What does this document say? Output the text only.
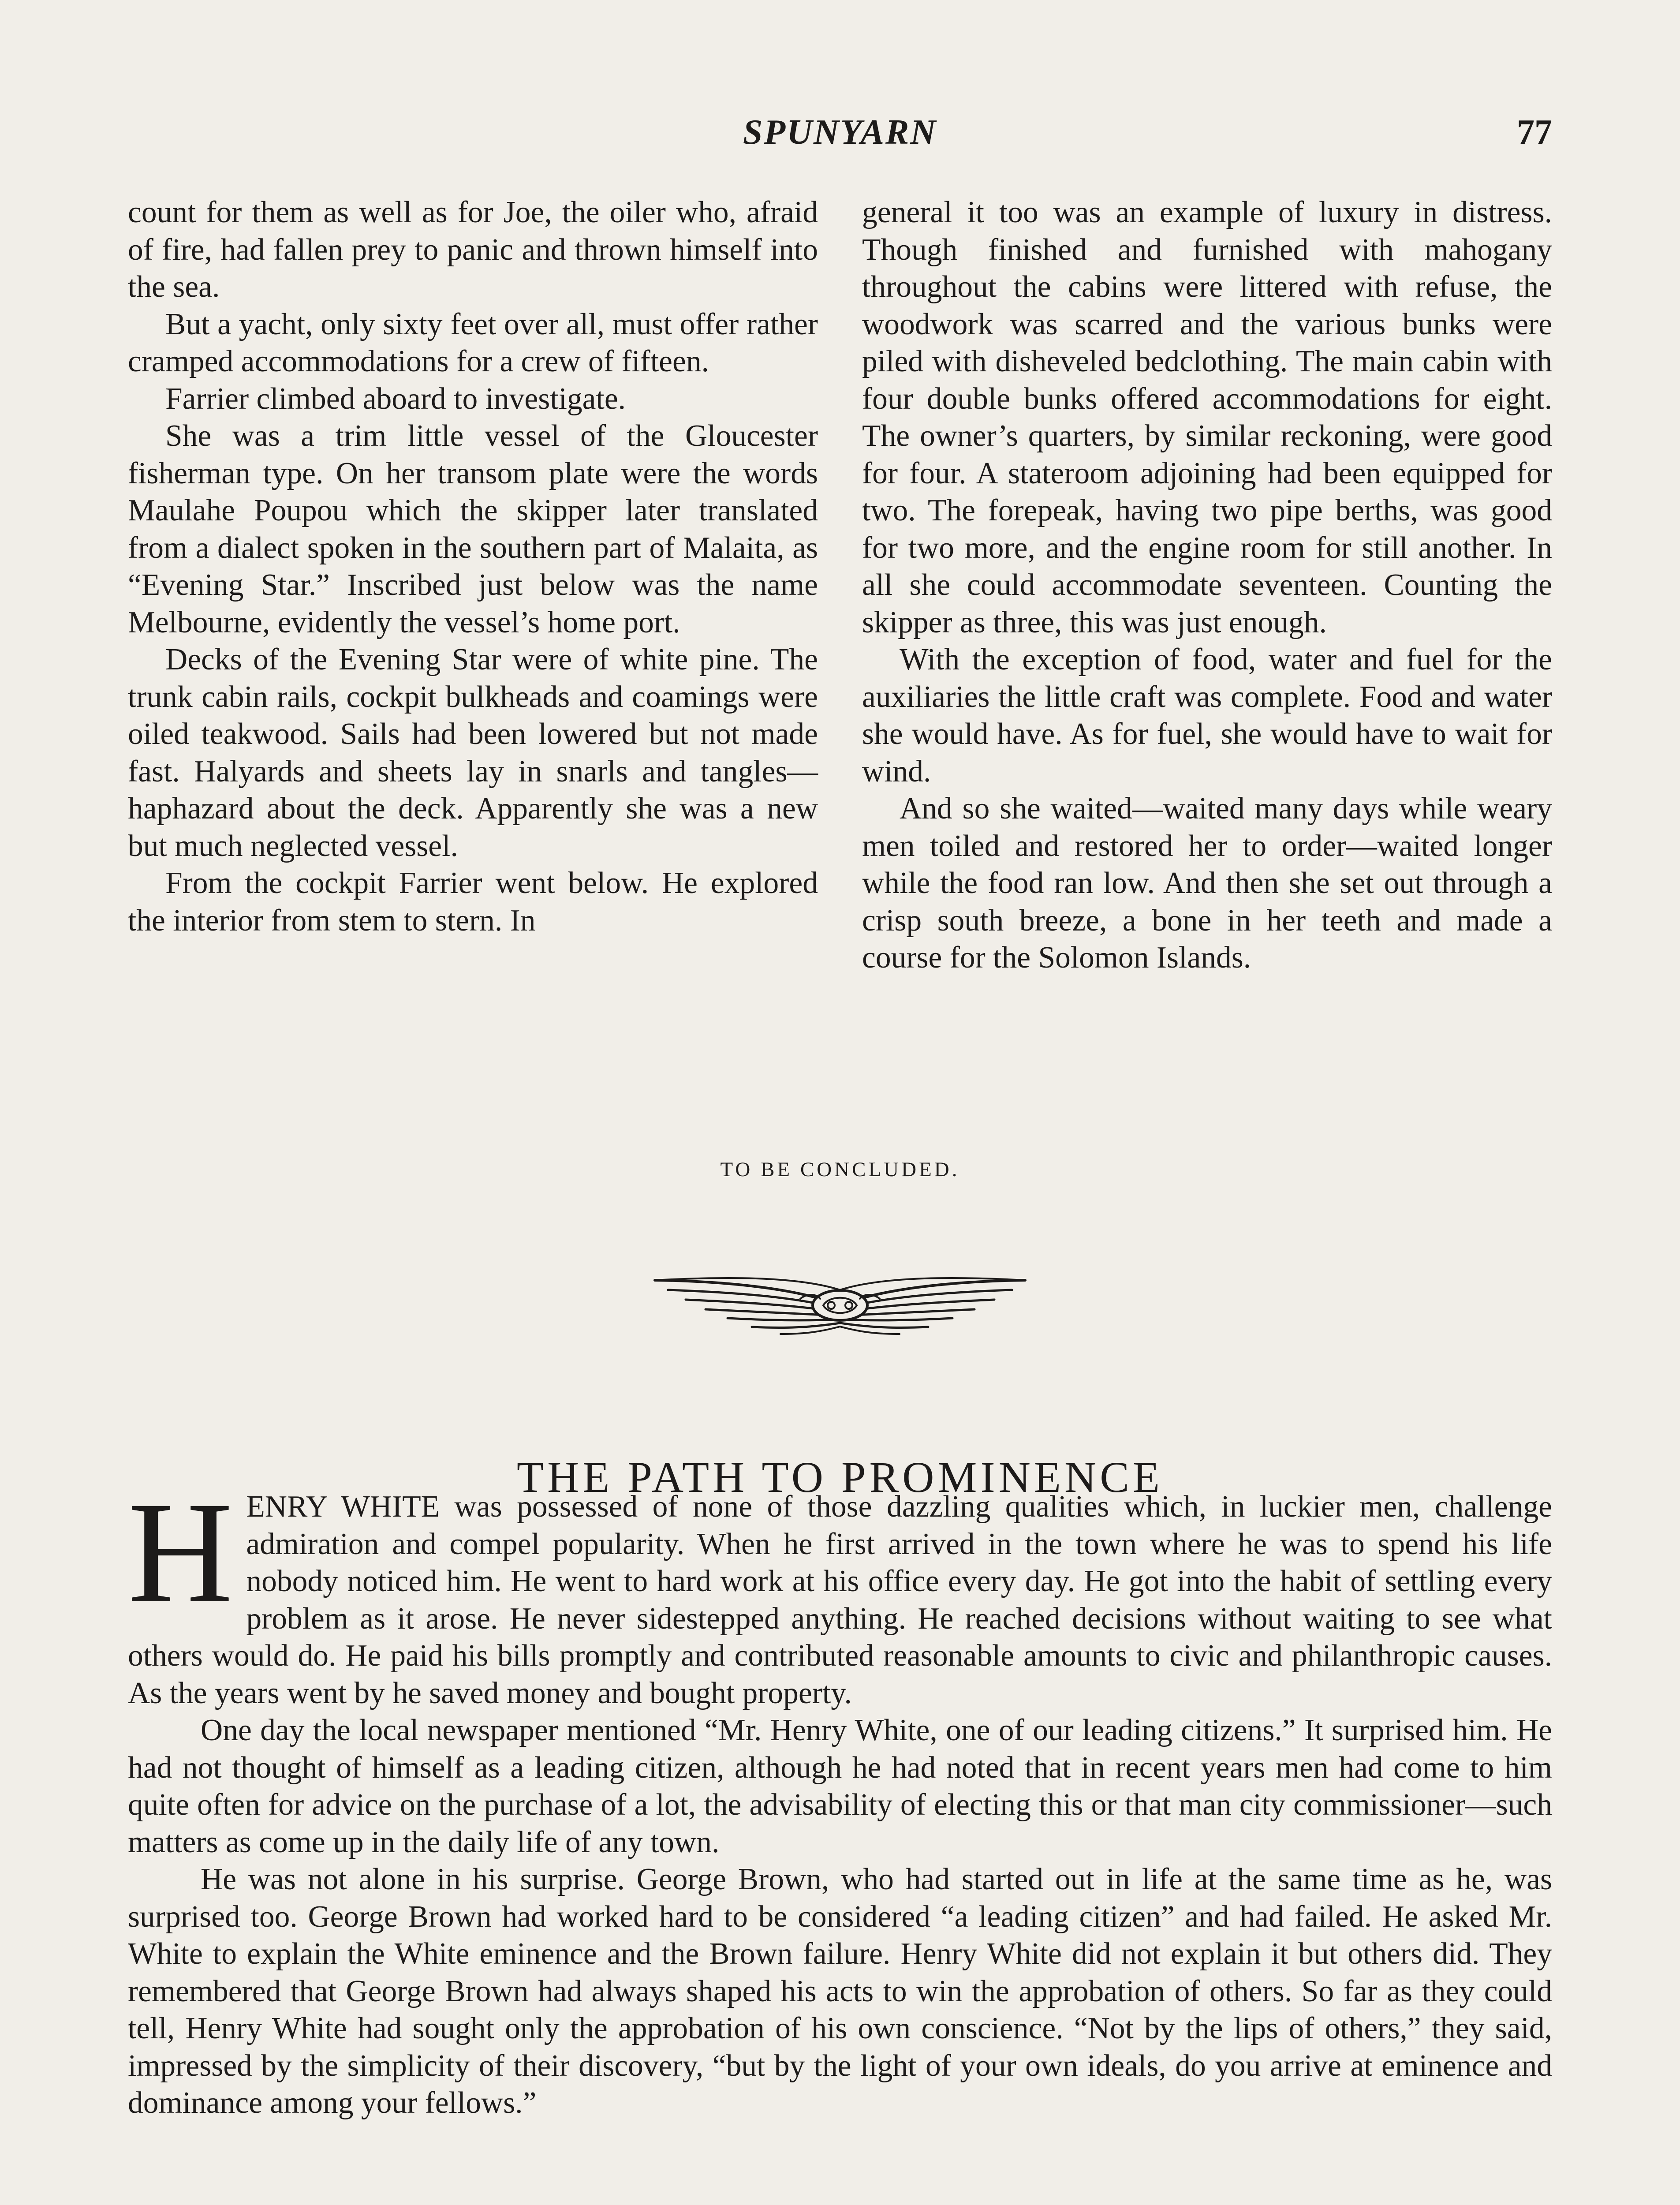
SPUNYARN	77

count for them as well as for Joe, the oiler who, afraid of fire, had fallen prey to panic and thrown himself into the sea.

But a yacht, only sixty feet over all, must offer rather cramped accommodations for a crew of fifteen.

Farrier climbed aboard to investigate.

She was a trim little vessel of the Gloucester fisherman type. On her transom plate were the words Maulahe Poupou which the skipper later translated from a dialect spoken in the southern part of Malaita, as “Evening Star.” Inscribed just below was the name Melbourne, evidently the vessel’s home port.

Decks of the Evening Star were of white pine. The trunk cabin rails, cockpit bulkheads and coamings were oiled teakwood. Sails had been lowered but not made fast. Halyards and sheets lay in snarls and tangles—haphazard about the deck. Apparently she was a new but much neglected vessel.

From the cockpit Farrier went below. He explored the interior from stem to stern. In

general it too was an example of luxury in distress. Though finished and furnished with mahogany throughout the cabins were littered with refuse, the woodwork was scarred and the various bunks were piled with disheveled bedclothing. The main cabin with four double bunks offered accommodations for eight. The owner’s quarters, by similar reckoning, were good for four. A stateroom adjoining had been equipped for two. The forepeak, having two pipe berths, was good for two more, and the engine room for still another. In all she could accommodate seventeen. Counting the skipper as three, this was just enough.

With the exception of food, water and fuel for the auxiliaries the little craft was complete. Food and water she would have. As for fuel, she would have to wait for wind.

And so she waited—waited many days while weary men toiled and restored her to order—waited longer while the food ran low. And then she set out through a crisp south breeze, a bone in her teeth and made a course for the Solomon Islands.

TO BE CONCLUDED.
THE PATH TO PROMINENCE

HENRY WHITE was possessed of none of those dazzling qualities which, in luckier men, challenge admiration and compel popularity. When he first arrived in the town where he was to spend his life nobody noticed him. He went to hard work at his office every day. He got into the habit of settling every problem as it arose. He never sidestepped anything. He reached decisions without waiting to see what others would do. He paid his bills promptly and contributed reasonable amounts to civic and philanthropic causes. As the years went by he saved money and bought property.

One day the local newspaper mentioned “Mr. Henry White, one of our leading citizens.” It surprised him. He had not thought of himself as a leading citizen, although he had noted that in recent years men had come to him quite often for advice on the purchase of a lot, the advisability of electing this or that man city commissioner—such matters as come up in the daily life of any town.

He was not alone in his surprise. George Brown, who had started out in life at the same time as he, was surprised too. George Brown had worked hard to be considered “a leading citizen” and had failed. He asked Mr. White to explain the White eminence and the Brown failure. Henry White did not explain it but others did. They remembered that George Brown had always shaped his acts to win the approbation of others. So far as they could tell, Henry White had sought only the approbation of his own conscience. “Not by the lips of others,” they said, impressed by the simplicity of their discovery, “but by the light of your own ideals, do you arrive at eminence and dominance among your fellows.”
